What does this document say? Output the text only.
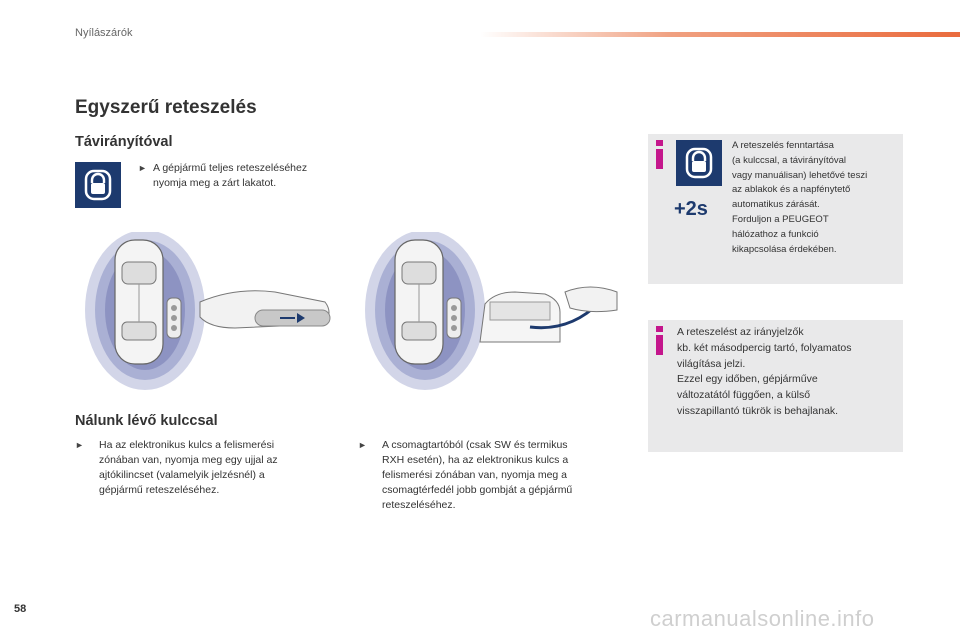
Nyílászárók
Egyszerű reteszelés
Távirányítóval
► A gépjármű teljes reteszeléséhez
nyomja meg a zárt lakatot.
Nálunk lévő kulccsal
► Ha az elektronikus kulcs a felismerési
zónában van, nyomja meg egy ujjal az
ajtókilincset (valamelyik jelzésnél) a
gépjármű reteszeléséhez.
► A csomagtartóból (csak SW és termikus
RXH esetén), ha az elektronikus kulcs a
felismerési zónában van, nyomja meg a
csomagtérfedél jobb gombját a gépjármű
reteszeléséhez.
+2s
A reteszelés fenntartása
(a kulccsal, a távirányítóval
vagy manuálisan) lehetővé teszi
az ablakok és a napfénytető
automatikus zárását.
Forduljon a PEUGEOT
hálózathoz a funkció
kikapcsolása érdekében.
A reteszelést az irányjelzők
kb. két másodpercig tartó, folyamatos
világítása jelzi.
Ezzel egy időben, gépjárműve
változatától függően, a külső
visszapillantó tükrök is behajlanak.
58	carmanualsonline.info
